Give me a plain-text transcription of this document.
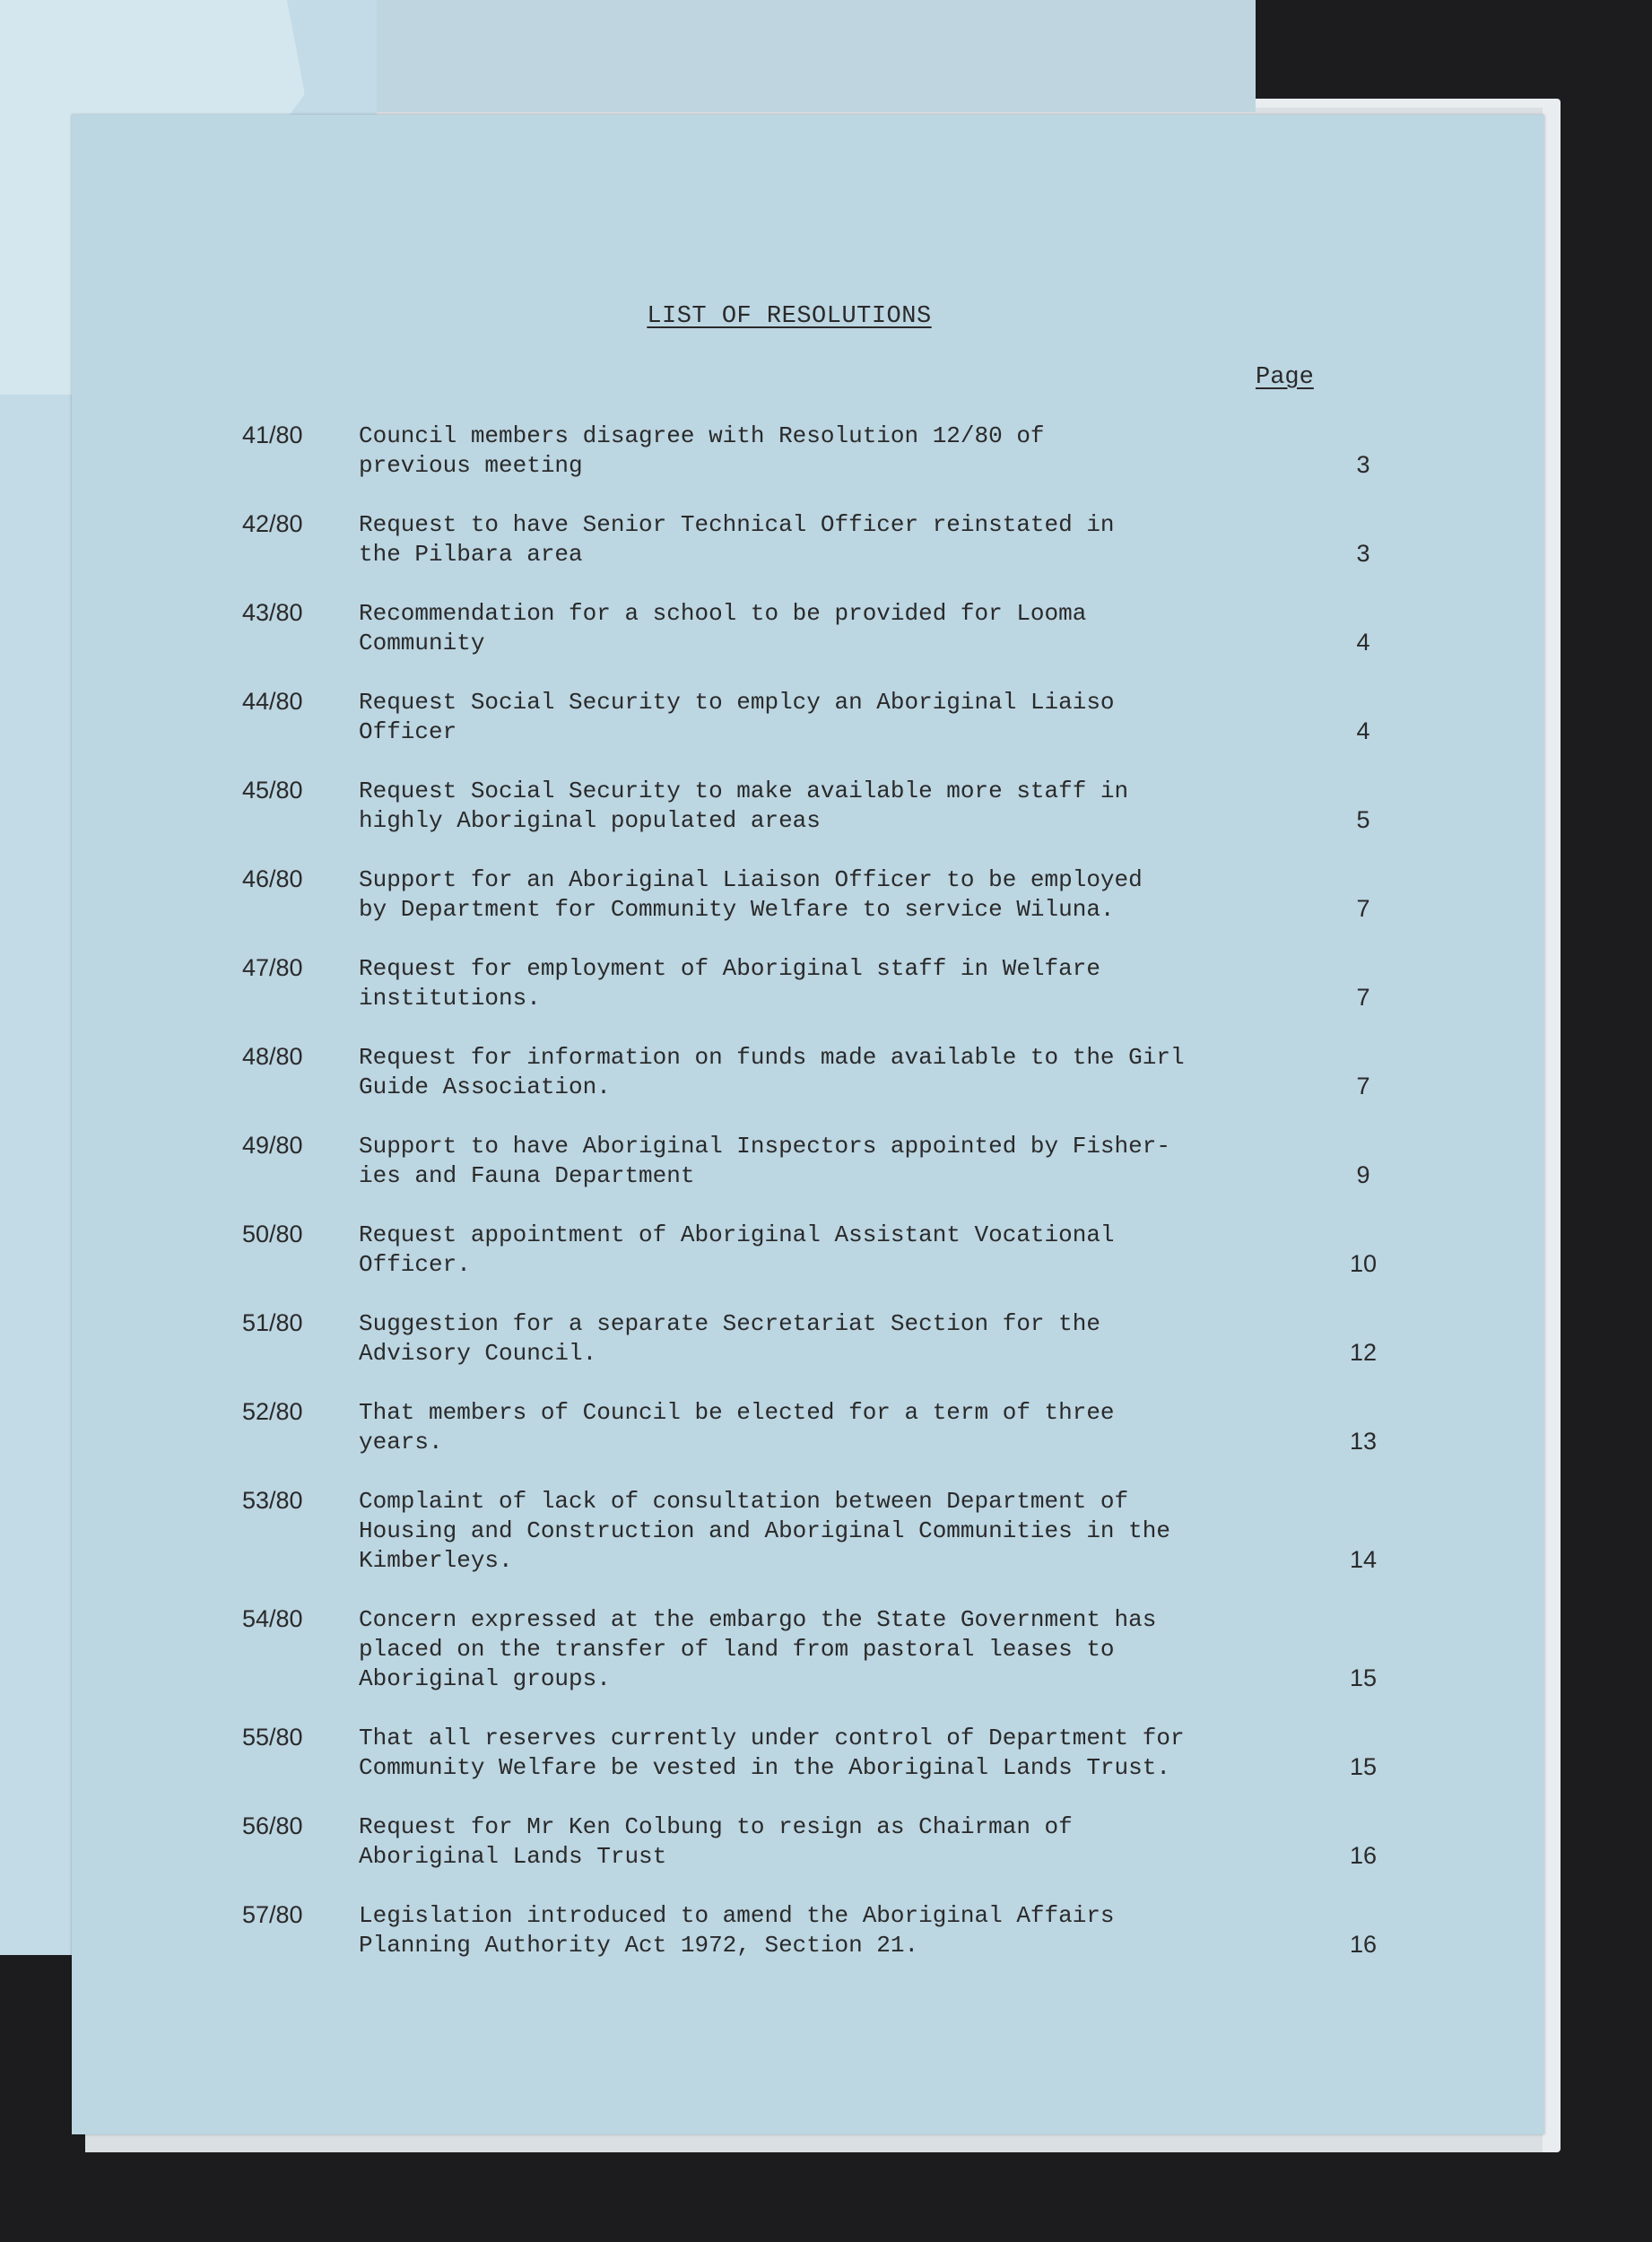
LIST OF RESOLUTIONS
Page
41/80	Council members disagree with Resolution 12/80 of
previous meeting	3
42/80	Request to have Senior Technical Officer reinstated in
the Pilbara area	3
43/80	Recommendation for a school to be provided for Looma
Community	4
44/80	Request Social Security to emplcy an Aboriginal Liaiso
Officer	4
45/80	Request Social Security to make available more staff in
highly Aboriginal populated areas	5
46/80	Support for an Aboriginal Liaison Officer to be employed
by Department for Community Welfare to service Wiluna.	7
47/80	Request for employment of Aboriginal staff in Welfare
institutions.	7
48/80	Request for information on funds made available to the Girl
Guide Association.	7
49/80	Support to have Aboriginal Inspectors appointed by Fisher-
ies and Fauna Department	9
50/80	Request appointment of Aboriginal Assistant Vocational
Officer.	10
51/80	Suggestion for a separate Secretariat Section for the
Advisory Council.	12
52/80	That members of Council be elected for a term of three
years.	13
53/80	Complaint of lack of consultation between Department of
Housing and Construction and Aboriginal Communities in the
Kimberleys.	14
54/80	Concern expressed at the embargo the State Government has
placed on the transfer of land from pastoral leases to
Aboriginal groups.	15
55/80	That all reserves currently under control of Department for
Community Welfare be vested in the Aboriginal Lands Trust.	15
56/80	Request for Mr Ken Colbung to resign as Chairman of
Aboriginal Lands Trust	16
57/80	Legislation introduced to amend the Aboriginal Affairs
Planning Authority Act 1972, Section 21.	16
